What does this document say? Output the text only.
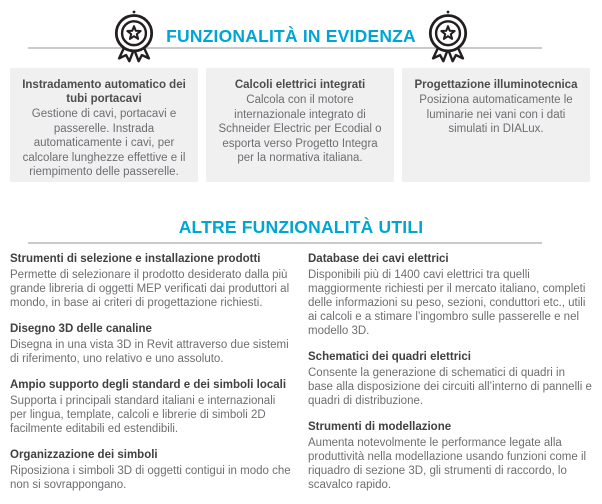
FUNZIONALITÀ IN EVIDENZA
Instradamento automatico dei tubi portacavi
Gestione di cavi, portacavi e passerelle. Instrada automaticamente i cavi, per calcolare lunghezze effettive e il riempimento delle passerelle.
Calcoli elettrici integrati
Calcola con il motore internazionale integrato di Schneider Electric per Ecodial o esporta verso Progetto Integra per la normativa italiana.
Progettazione illuminotecnica
Posiziona automaticamente le luminarie nei vani con i dati simulati in DIALux.
ALTRE FUNZIONALITÀ UTILI
Strumenti di selezione e installazione prodotti
Permette di selezionare il prodotto desiderato dalla più grande libreria di oggetti MEP verificati dai produttori al mondo, in base ai criteri di progettazione richiesti.
Disegno 3D delle canaline
Disegna in una vista 3D in Revit attraverso due sistemi di riferimento, uno relativo e uno assoluto.
Ampio supporto degli standard e dei simboli locali
Supporta i principali standard italiani e internazionali per lingua, template, calcoli e librerie di simboli 2D facilmente editabili ed estendibili.
Organizzazione dei simboli
Riposiziona i simboli 3D di oggetti contigui in modo che non si sovrappongano.
Database dei cavi elettrici
Disponibili più di 1400 cavi elettrici tra quelli maggiormente richiesti per il mercato italiano, completi delle informazioni su peso, sezioni, conduttori etc., utili ai calcoli e a stimare l’ingombro sulle passerelle e nel modello 3D.
Schematici dei quadri elettrici
Consente la generazione di schematici di quadri in base alla disposizione dei circuiti all’interno di pannelli e quadri di distribuzione.
Strumenti di modellazione
Aumenta notevolmente le performance legate alla produttività nella modellazione usando funzioni come il riquadro di sezione 3D, gli strumenti di raccordo, lo scavalco rapido.
